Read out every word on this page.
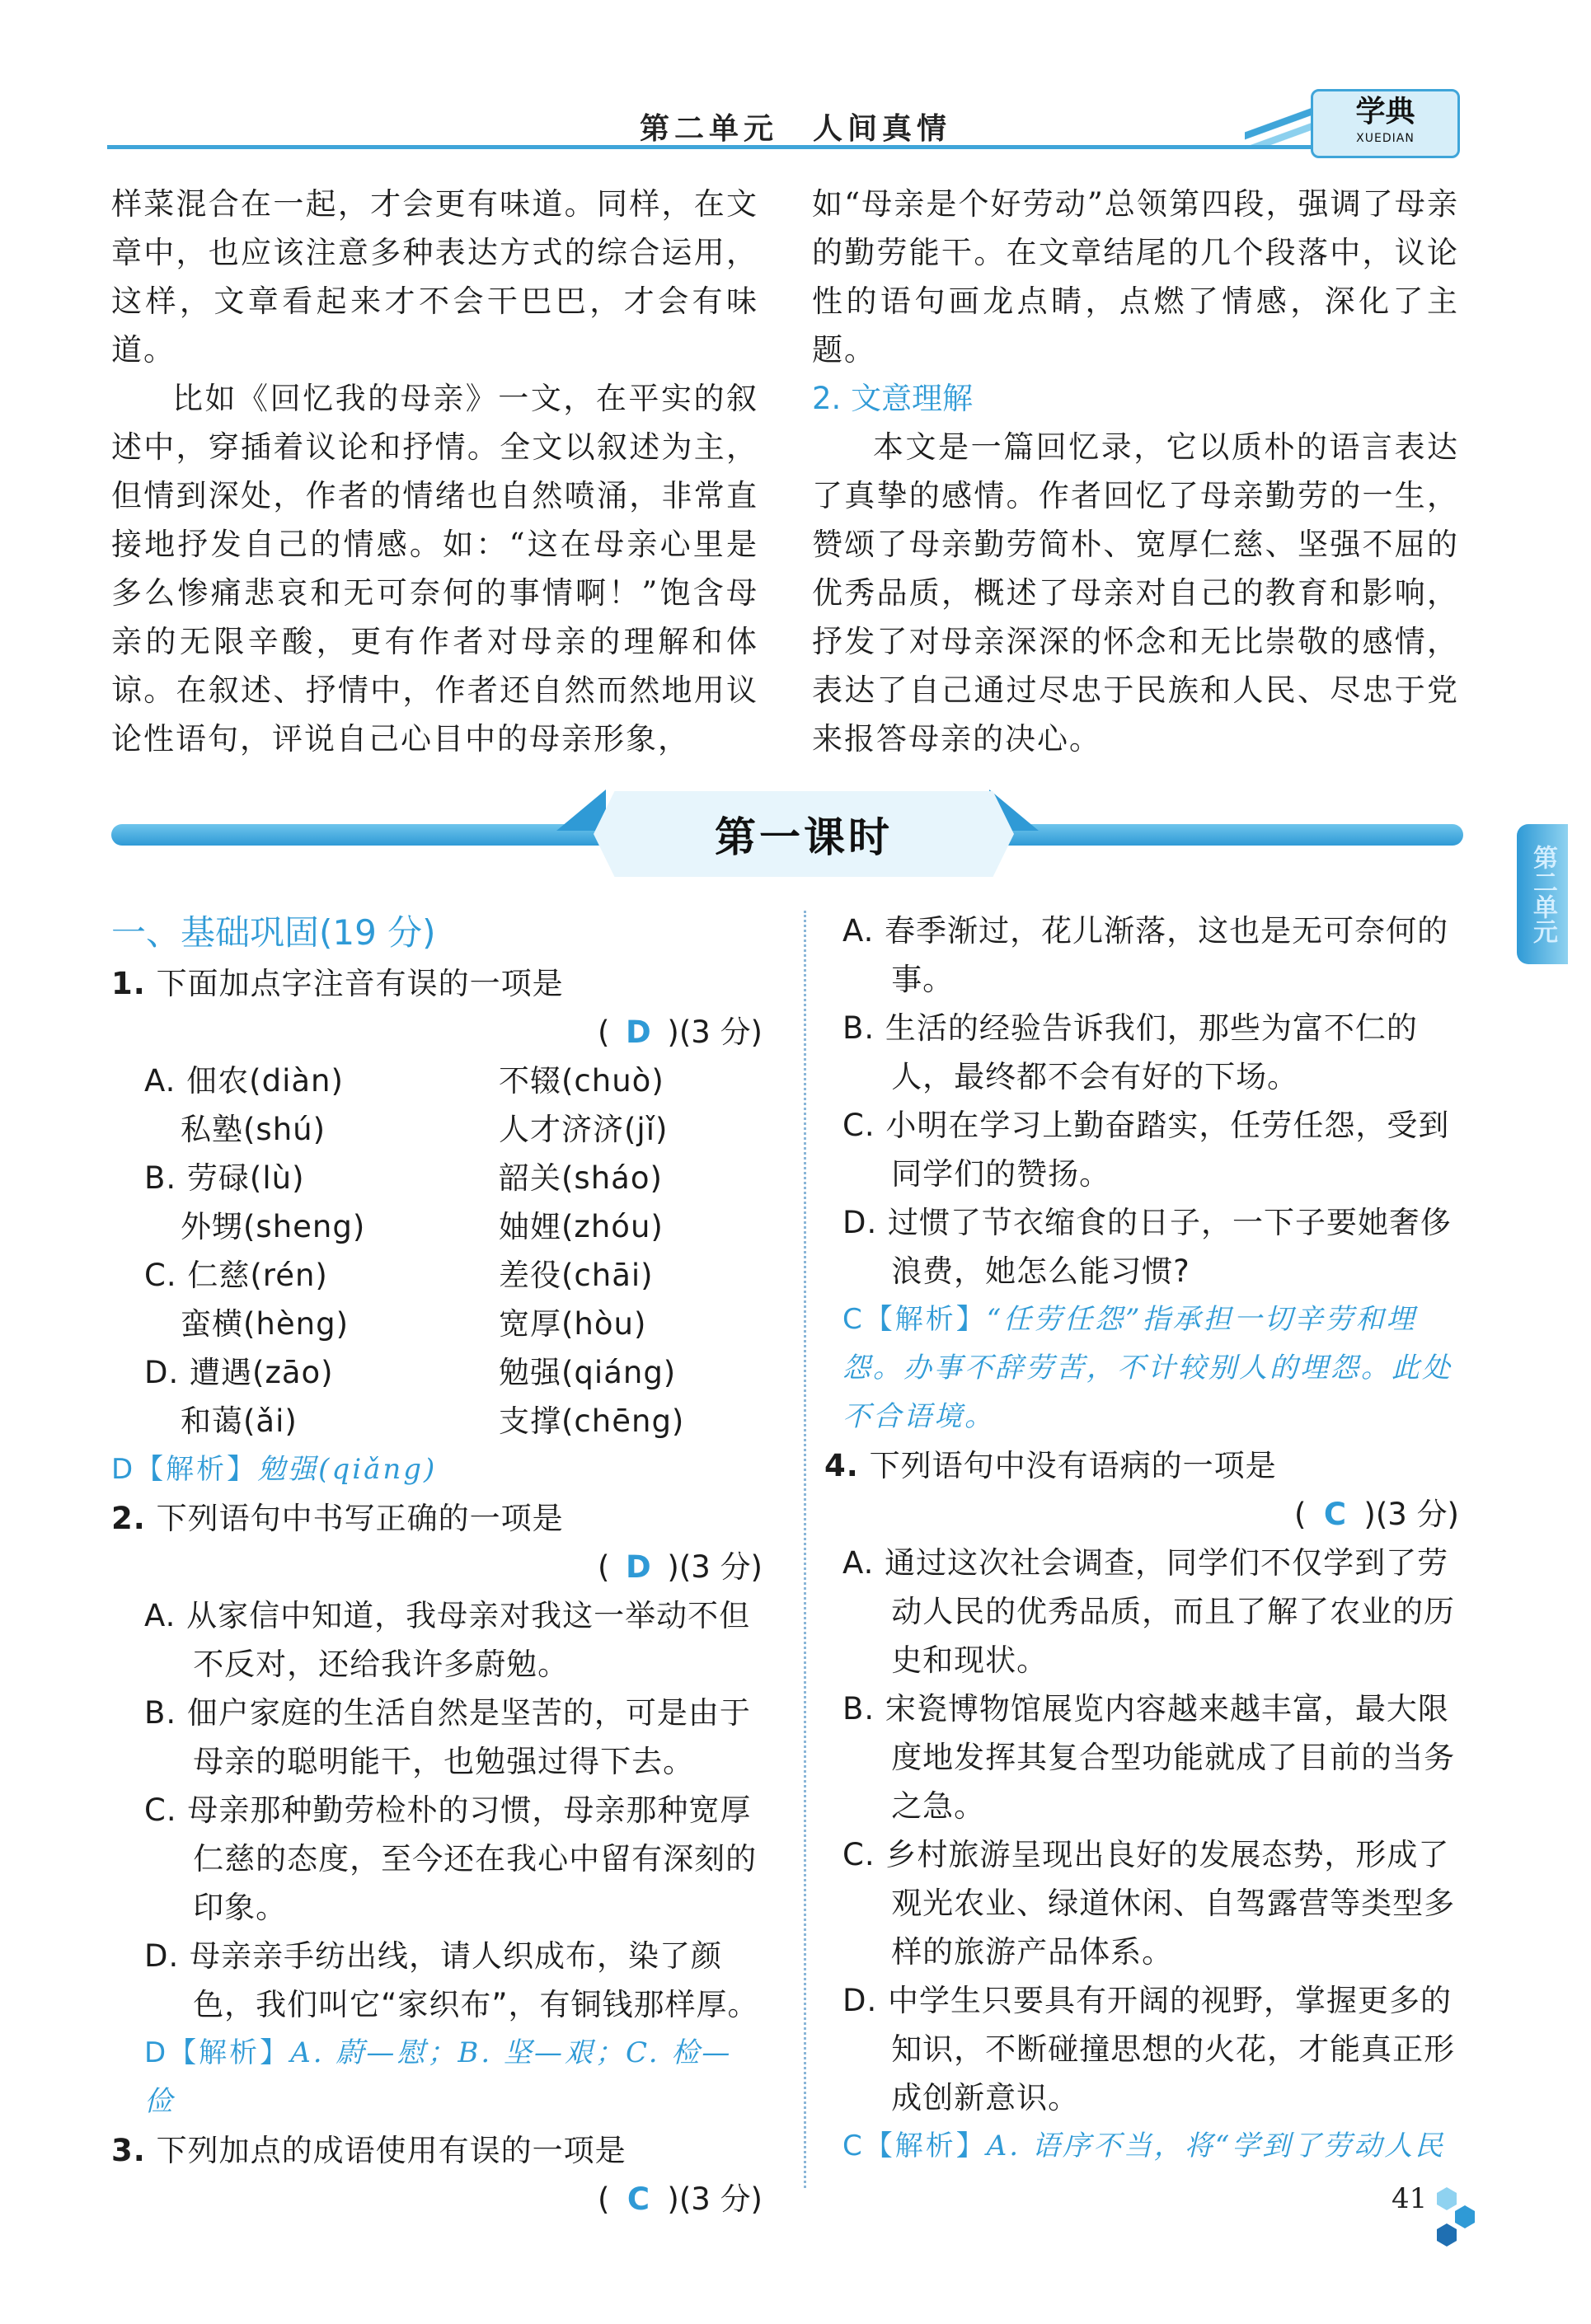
第二单元　人间真情	学典
XUEDIAN

样菜混合在一起，才会更有味道。同样，在文章中，也应该注意多种表达方式的综合运用，这样，文章看起来才不会干巴巴，才会有味道。

比如《回忆我的母亲》一文，在平实的叙述中，穿插着议论和抒情。全文以叙述为主，但情到深处，作者的情绪也自然喷涌，非常直接地抒发自己的情感。如：“这在母亲心里是多么惨痛悲哀和无可奈何的事情啊！”饱含母亲的无限辛酸，更有作者对母亲的理解和体谅。在叙述、抒情中，作者还自然而然地用议论性语句，评说自己心目中的母亲形象，

如“母亲是个好劳动”总领第四段，强调了母亲的勤劳能干。在文章结尾的几个段落中，议论性的语句画龙点睛，点燃了情感，深化了主题。

2. 文意理解

本文是一篇回忆录，它以质朴的语言表达了真挚的感情。作者回忆了母亲勤劳的一生，赞颂了母亲勤劳简朴、宽厚仁慈、坚强不屈的优秀品质，概述了母亲对自己的教育和影响，抒发了对母亲深深的怀念和无比崇敬的感情，表达了自己通过尽忠于民族和人民、尽忠于党来报答母亲的决心。

第一课时
第二单元

一、基础巩固(19 分)

1. 下面加点字注音有误的一项是

( D )(3 分)

A. 佃农(diàn)	不辍(chuò)
私塾(shú)	人才济济(jǐ)
B. 劳碌(lù)	韶关(sháo)
外甥(sheng)	妯娌(zhóu)
C. 仁慈(rén)	差役(chāi)
蛮横(hèng)	宽厚(hòu)
D. 遭遇(zāo)	勉强(qiáng)
和蔼(ǎi)	支撑(chēng)

D【解析】勉强(qiǎng)

2. 下列语句中书写正确的一项是

( D )(3 分)

A. 从家信中知道，我母亲对我这一举动不但不反对，还给我许多蔚勉。

B. 佃户家庭的生活自然是坚苦的，可是由于母亲的聪明能干，也勉强过得下去。

C. 母亲那种勤劳检朴的习惯，母亲那种宽厚仁慈的态度，至今还在我心中留有深刻的印象。

D. 母亲亲手纺出线，请人织成布，染了颜色，我们叫它“家织布”，有铜钱那样厚。

D【解析】A. 蔚—慰；B. 坚—艰；C. 检—俭

3. 下列加点的成语使用有误的一项是

( C )(3 分)

A. 春季渐过，花儿渐落，这也是无可奈何的事。

B. 生活的经验告诉我们，那些为富不仁的人，最终都不会有好的下场。

C. 小明在学习上勤奋踏实，任劳任怨，受到同学们的赞扬。

D. 过惯了节衣缩食的日子，一下子要她奢侈浪费，她怎么能习惯?

C【解析】“任劳任怨”指承担一切辛劳和埋怨。办事不辞劳苦，不计较别人的埋怨。此处不合语境。

4. 下列语句中没有语病的一项是

( C )(3 分)

A. 通过这次社会调查，同学们不仅学到了劳动人民的优秀品质，而且了解了农业的历史和现状。

B. 宋瓷博物馆展览内容越来越丰富，最大限度地发挥其复合型功能就成了目前的当务之急。

C. 乡村旅游呈现出良好的发展态势，形成了观光农业、绿道休闲、自驾露营等类型多样的旅游产品体系。

D. 中学生只要具有开阔的视野，掌握更多的知识，不断碰撞思想的火花，才能真正形成创新意识。

C【解析】A. 语序不当，将“学到了劳动人民

41
